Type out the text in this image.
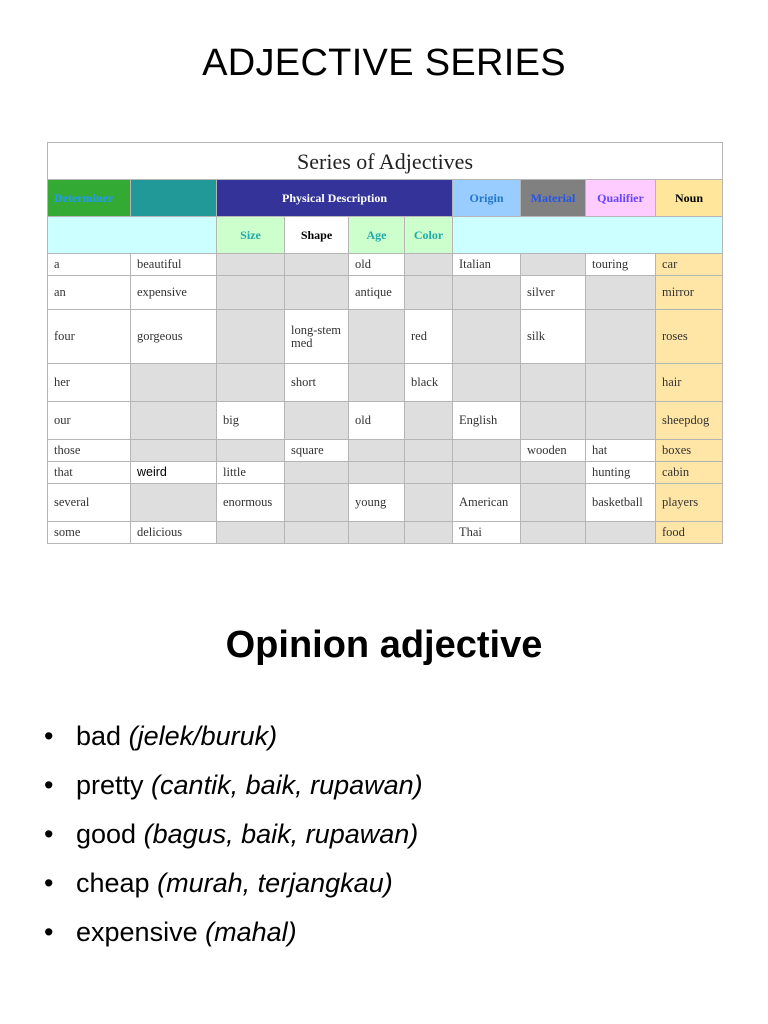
ADJECTIVE SERIES
Series of Adjectives									
Determiner		Physical Description				Origin	Material	Qualifier	Noun
		Size	Shape	Age	Color				
a	beautiful			old		Italian		touring	car
an	expensive			antique			silver		mirror
four	gorgeous		long-stemmed		red		silk		roses
her			short		black				hair
our		big		old		English			sheepdog
those			square				wooden	hat	boxes
that	weird	little						hunting	cabin
several		enormous		young		American		basketball	players
some	delicious					Thai			food
Opinion adjective
• bad (jelek/buruk)
• pretty (cantik, baik, rupawan)
• good (bagus, baik, rupawan)
• cheap (murah, terjangkau)
• expensive (mahal)
